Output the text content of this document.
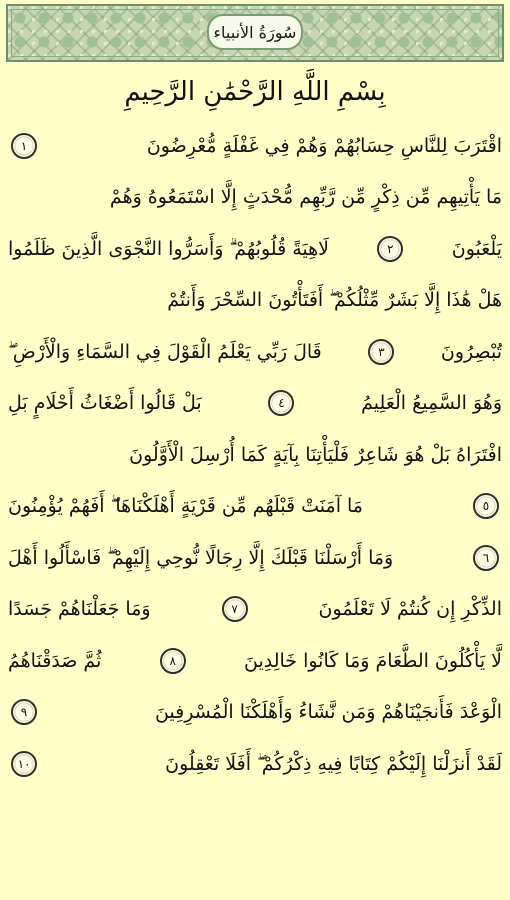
سُورَةُ الأنبياء
بِسْمِ اللَّهِ الرَّحْمَٰنِ الرَّحِيمِ
اقْتَرَبَ لِلنَّاسِ حِسَابُهُمْ وَهُمْ فِي غَفْلَةٍ مُّعْرِضُونَ
١
مَا يَأْتِيهِم مِّن ذِكْرٍ مِّن رَّبِّهِم مُّحْدَثٍ إِلَّا اسْتَمَعُوهُ وَهُمْ
يَلْعَبُونَ
٢
لَاهِيَةً قُلُوبُهُمْ ۗ وَأَسَرُّوا النَّجْوَى الَّذِينَ ظَلَمُوا
هَلْ هَٰذَا إِلَّا بَشَرٌ مِّثْلُكُمْ ۖ أَفَتَأْتُونَ السِّحْرَ وَأَنتُمْ
تُبْصِرُونَ
٣
قَالَ رَبِّي يَعْلَمُ الْقَوْلَ فِي السَّمَاءِ وَالْأَرْضِ ۖ
وَهُوَ السَّمِيعُ الْعَلِيمُ
٤
بَلْ قَالُوا أَضْغَاثُ أَحْلَامٍ بَلِ
افْتَرَاهُ بَلْ هُوَ شَاعِرٌ فَلْيَأْتِنَا بِآيَةٍ كَمَا أُرْسِلَ الْأَوَّلُونَ
٥
مَا آمَنَتْ قَبْلَهُم مِّن قَرْيَةٍ أَهْلَكْنَاهَا ۖ أَفَهُمْ يُؤْمِنُونَ
٦
وَمَا أَرْسَلْنَا قَبْلَكَ إِلَّا رِجَالًا نُّوحِي إِلَيْهِمْ ۖ فَاسْأَلُوا أَهْلَ
الذِّكْرِ إِن كُنتُمْ لَا تَعْلَمُونَ
٧
وَمَا جَعَلْنَاهُمْ جَسَدًا
لَّا يَأْكُلُونَ الطَّعَامَ وَمَا كَانُوا خَالِدِينَ
٨
ثُمَّ صَدَقْنَاهُمُ
الْوَعْدَ فَأَنجَيْنَاهُمْ وَمَن نَّشَاءُ وَأَهْلَكْنَا الْمُسْرِفِينَ
٩
لَقَدْ أَنزَلْنَا إِلَيْكُمْ كِتَابًا فِيهِ ذِكْرُكُمْ ۖ أَفَلَا تَعْقِلُونَ
١٠
